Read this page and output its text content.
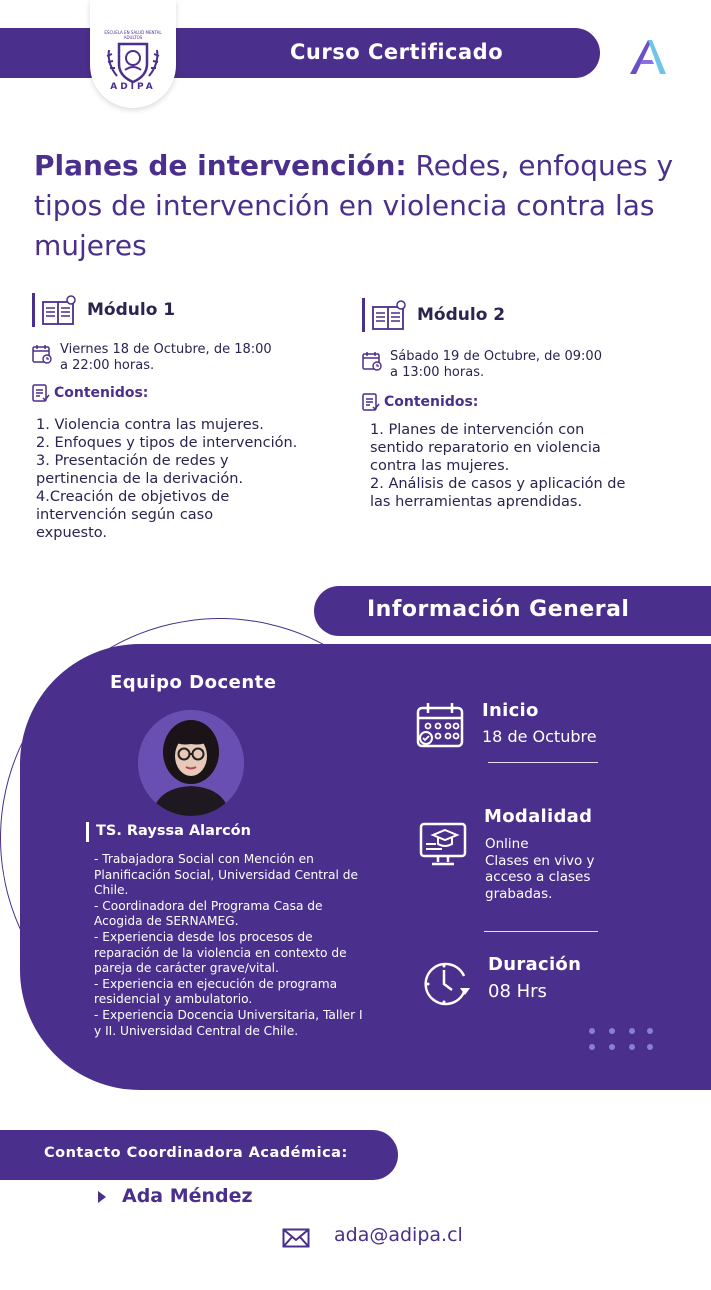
Curso Certificado
ESCUELA EN SALUD MENTAL ADULTOS
ADIPA
Planes de intervención: Redes, enfoques y tipos de intervención en violencia contra las mujeres
Módulo 1
Viernes 18 de Octubre, de 18:00
a 22:00 horas.
Contenidos:
1. Violencia contra las mujeres.
2. Enfoques y tipos de intervención.
3. Presentación de redes y
pertinencia de la derivación.
4.Creación de objetivos de
intervención según caso
expuesto.
Módulo 2
Sábado 19 de Octubre, de 09:00
a 13:00 horas.
Contenidos:
1. Planes de intervención con
sentido reparatorio en violencia
contra las mujeres.
2. Análisis de casos y aplicación de
las herramientas aprendidas.
Información General
Equipo Docente
TS. Rayssa Alarcón
- Trabajadora Social con Mención en
Planificación Social, Universidad Central de
Chile.
- Coordinadora del Programa Casa de
Acogida de SERNAMEG.
- Experiencia desde los procesos de
reparación de la violencia en contexto de
pareja de carácter grave/vital.
- Experiencia en ejecución de programa
residencial y ambulatorio.
- Experiencia Docencia Universitaria, Taller I
y II. Universidad Central de Chile.
Inicio
18 de Octubre
Modalidad
Online
Clases en vivo y
acceso a clases
grabadas.
Duración
08 Hrs
Contacto Coordinadora Académica:
Ada Méndez
ada@adipa.cl
